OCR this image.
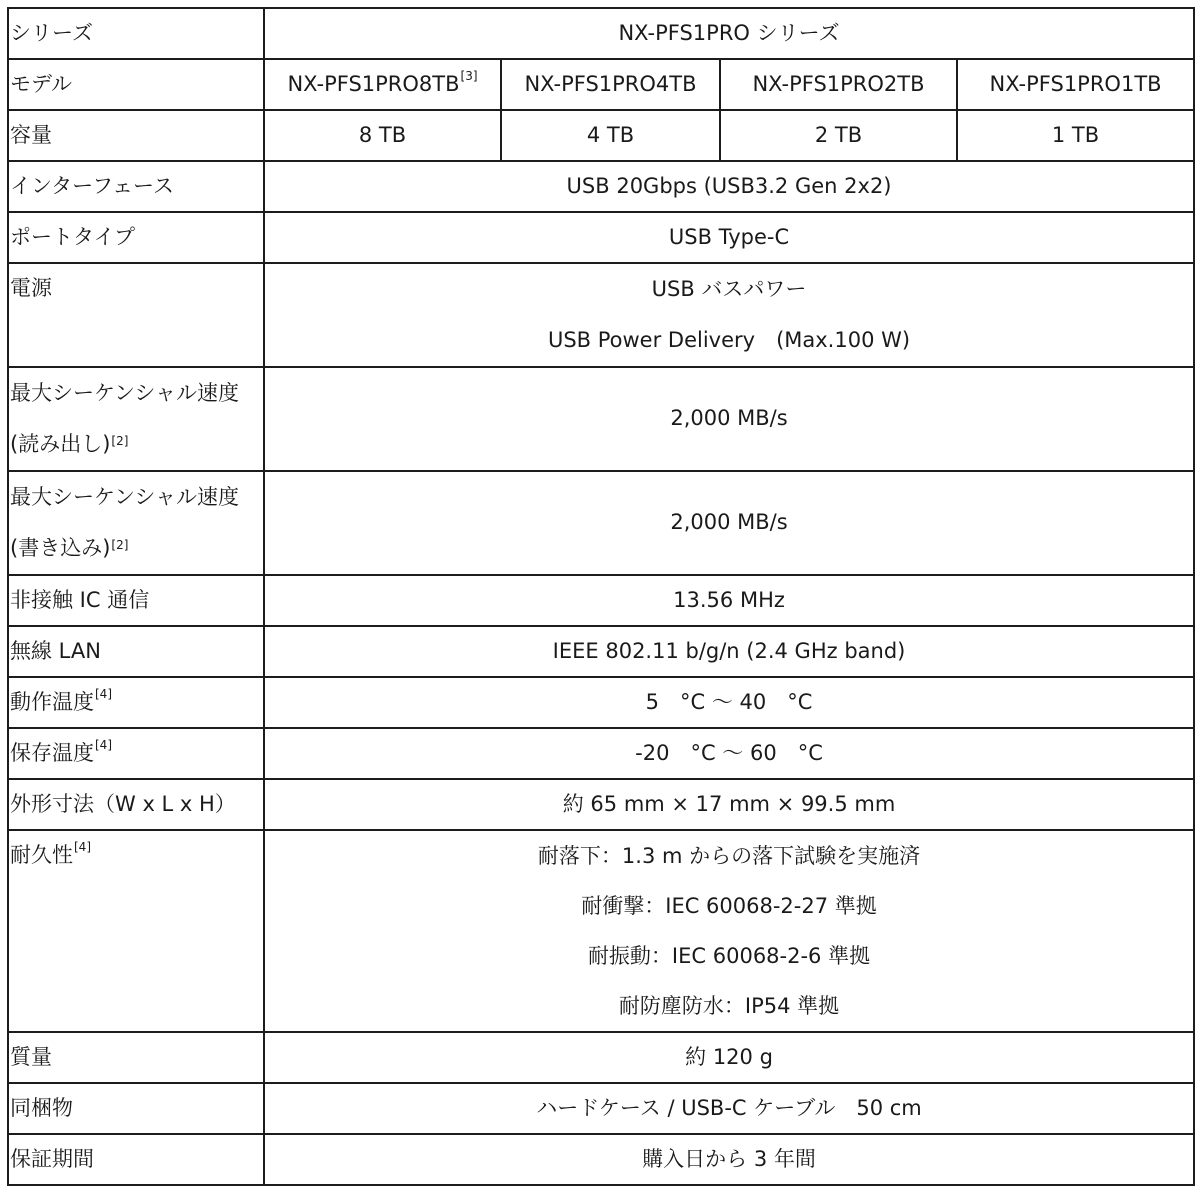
シリーズ	NX-PFS1PRO シリーズ			
モデル	NX-PFS1PRO8TB[3]	NX-PFS1PRO4TB	NX-PFS1PRO2TB	NX-PFS1PRO1TB
容量	8 TB	4 TB	2 TB	1 TB
インターフェース	USB 20Gbps (USB3.2 Gen 2x2)			
ポートタイプ	USB Type-C			
電源	USB バスパワー
USB Power Delivery　(Max.100 W)			

最大シーケンシャル速度
(読み出し)[2]	2,000 MB/s			

最大シーケンシャル速度
(書き込み)[2]	2,000 MB/s			
非接触 IC 通信	13.56 MHz			
無線 LAN	IEEE 802.11 b/g/n (2.4 GHz band)			
動作温度[4]	5　°C ～ 40　°C			
保存温度[4]	-20　°C ～ 60　°C			
外形寸法（W x L x H）	約 65 mm × 17 mm × 99.5 mm			
耐久性[4]	耐落下：1.3 m からの落下試験を実施済
耐衝撃：IEC 60068-2-27 準拠
耐振動：IEC 60068-2-6 準拠
耐防塵防水：IP54 準拠			

質量	約 120 g			
同梱物	ハードケース / USB-C ケーブル　50 cm			
保証期間	購入日から 3 年間			
